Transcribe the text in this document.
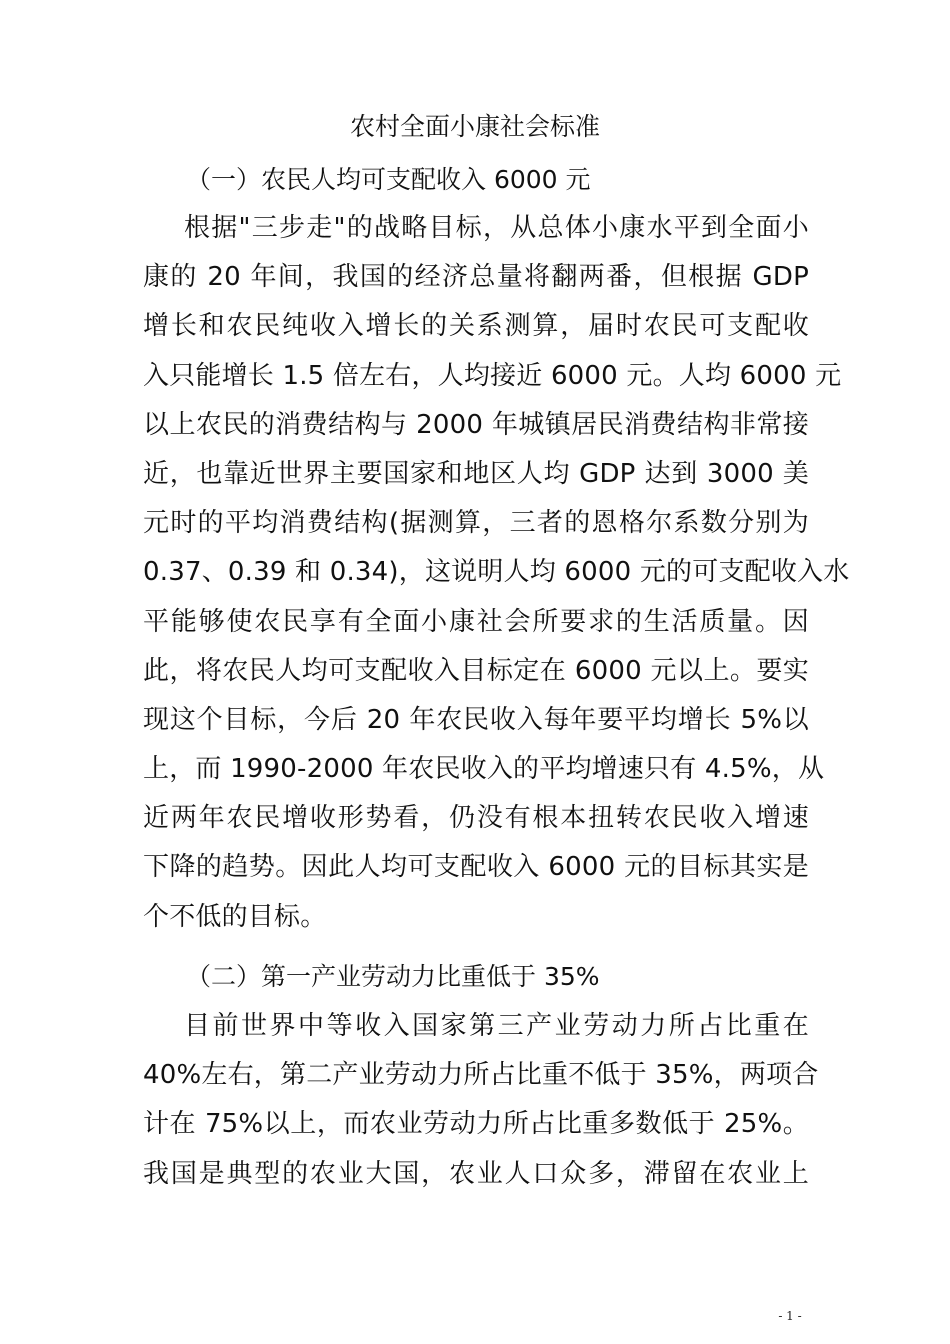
农村全面小康社会标准
（一）农民人均可支配收入 6000 元
根据"三步走"的战略目标，从总体小康水平到全面小
康的 20 年间，我国的经济总量将翻两番，但根据 GDP
增长和农民纯收入增长的关系测算，届时农民可支配收
入只能增长 1.5 倍左右，人均接近 6000 元。人均 6000 元
以上农民的消费结构与 2000 年城镇居民消费结构非常接
近，也靠近世界主要国家和地区人均 GDP 达到 3000 美
元时的平均消费结构(据测算，三者的恩格尔系数分别为
0.37、0.39 和 0.34)，这说明人均 6000 元的可支配收入水
平能够使农民享有全面小康社会所要求的生活质量。因
此，将农民人均可支配收入目标定在 6000 元以上。要实
现这个目标，今后 20 年农民收入每年要平均增长 5%以
上，而 1990-2000 年农民收入的平均增速只有 4.5%，从
近两年农民增收形势看，仍没有根本扭转农民收入增速
下降的趋势。因此人均可支配收入 6000 元的目标其实是
个不低的目标。
（二）第一产业劳动力比重低于 35%
目前世界中等收入国家第三产业劳动力所占比重在
40%左右，第二产业劳动力所占比重不低于 35%，两项合
计在 75%以上，而农业劳动力所占比重多数低于 25%。
我国是典型的农业大国，农业人口众多，滞留在农业上
- 1 -
